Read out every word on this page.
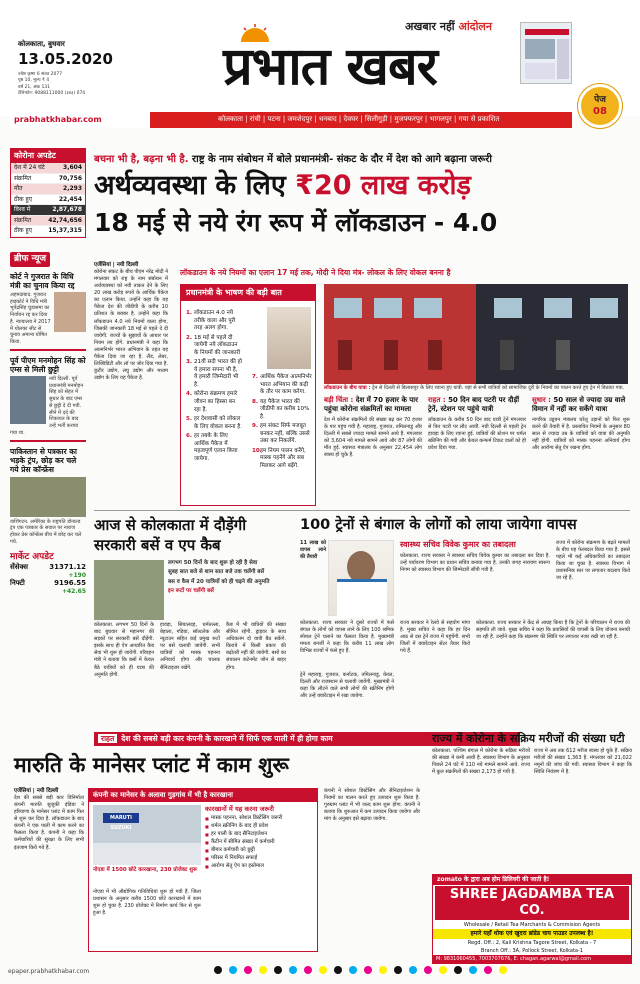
कोलकाता, बुधवार
13.05.2020
ज्येष्ठ कृष्ण 6 संवत 2077
पृष्ठ 10, मूल्य ₹ 4
वर्ष 21, अंक 131
टेलिफोन: 9088111000 (३४३) 074	प्रभात खबर
अखबार नहीं आंदोलन
कोलकाता | रांची | पटना | जमशेदपुर | धनबाद | देवघर | सिलीगुड़ी | मुजफ्फरपुर | भागलपुर | गया से प्रकाशित
prabhatkhabar.com
पेज
08
कोरोना अपडेट
देश में 24 घंटे	3,604
संक्रमित	70,756
मौत	2,293
ठीक हुए	22,454
विश्व में	2,87,678
संक्रमित	42,74,656
ठीक हुए	15,37,315
ब्रीफ न्यूज
कोर्ट ने गुजरात के विधि मंत्री का चुनाव किया रद्द
अहमदाबाद. गुजरात हाइकोर्ट ने विधि मंत्री भूपेंद्रसिंह चुडासमा का निर्वाचन रद्द कर दिया है. न्यायालय ने 2017 में धोलका सीट से चुनाव अमान्य घोषित किया.
पूर्व पीएम मनमोहन सिंह को एम्स से मिली छुट्टी
नयी दिल्ली. पूर्व प्रधानमंत्री मनमोहन सिंह को सेहत में सुधार के बाद एम्स से छुट्टी दे दी गयी. सीने में दर्द की शिकायत के बाद उन्हें भर्ती कराया गया था.
पाकिस्तान से पत्रकार का भड़के ट्रंप, छोड़ कर चले गये प्रेस कॉन्फ्रेंस
वाशिंगटन. अमेरिका के राष्ट्रपति डोनाल्ड ट्रंप एक पत्रकार के सवाल पर नाराज होकर प्रेस कॉन्फ्रेंस बीच में छोड़ कर चले गये.
मार्केट अपडेट
सेंसेक्स	31371.12
+190
निफ्टी	9196.55
+42.65
बचना भी है, बढ़ना भी है. राष्ट्र के नाम संबोधन में बोले प्रधानमंत्री- संकट के दौर में देश को आगे बढ़ाना जरूरी
अर्थव्यवस्था के लिए ₹20 लाख करोड़
18 मई से नये रंग रूप में लॉकडाउन - 4.0
एजेंसियां | नयी दिल्ली
कोरोना संकट के बीच पीएम नरेंद्र मोदी ने मंगलवार को राष्ट्र के नाम संबोधन में अर्थव्यवस्था को नयी ताकत देने के लिए 20 लाख करोड़ रुपये के आर्थिक पैकेज का एलान किया. उन्होंने कहा कि यह पैकेज देश की जीडीपी के करीब 10 प्रतिशत के बराबर है. उन्होंने कहा कि लॉकडाउन 4.0 नये नियमों वाला होगा, जिसकी जानकारी 18 मई से पहले दे दी जायेगी. राज्यों के सुझावों के आधार पर नियम तय होंगे. प्रधानमंत्री ने कहा कि आत्मनिर्भर भारत अभियान के तहत यह पैकेज दिया जा रहा है. लैंड, लेबर, लिक्विडिटी और लॉ पर जोर दिया गया है. कुटीर उद्योग, लघु उद्योग और मध्यम उद्योग के लिए यह पैकेज है.
लॉकडाउन के नये नियमों का एलान 17 मई तक, मोदी ने दिया मंत्र- लोकल के लिए वोकल बनना है
प्रधानमंत्री के भाषण की बड़ी बात
1. लॉकडाउन 4.0 नये तरीके वाला और पूरी तरह अलग होगा.
2. 18 मई से पहले दी जायेगी नये लॉकडाउन के नियमों की जानकारी
3. 21वीं सदी भारत की हो ये हमारा सपना भी है, ये हमारी जिम्मेदारी भी है.
4. कोरोना संक्रमण हमारे जीवन का हिस्सा बन रहा है.
5. हर देशवासी को लोकल के लिए वोकल बनना है.
6. हर तबके के लिए आर्थिक पैकेज में महत्वपूर्ण एलान किया जायेगा.
7. आर्थिक पैकेज आत्मनिर्भर भारत अभियान की कड़ी के तौर पर काम करेगा.
8. यह पैकेज भारत की जीडीपी का करीब 10% है.
9. हम संकट सिर्फ मजबूत बनकर नहीं, बल्कि उससे उबर कर निकलेंगे.
10.
हम नियम पालन करेंगे, मास्क पहनेंगे और सब मिलकर आगे बढ़ेंगे.
लॉकडाउन के बीच यात्रा : ट्रेन से दिल्ली से बिलासपुर के लिए रवाना हुए यात्री. यहां से सभी यात्रियों को सामाजिक दूरी के नियमों का पालन करते हुए ट्रेन में बिठाया गया.
बड़ी चिंता : देश में 70 हजार के पार पहुंचा कोरोना संक्रमितों का मामला
देश में कोरोना संक्रमितों की संख्या बढ़ कर 70 हजार के पार पहुंच गयी है. महाराष्ट्र, गुजरात, तमिलनाडु और दिल्ली में सबसे ज्यादा मामले सामने आये हैं. मंगलवार को 3,604 नये मामले सामने आये और 87 लोगों की मौत हुई. स्वास्थ्य मंत्रालय के अनुसार 22,454 लोग स्वस्थ हो चुके हैं.
राहत : 50 दिन बाद पटरी पर दौड़ीं ट्रेनें, स्टेशन पर पहुंचे यात्री
लॉकडाउन के करीब 50 दिन बाद यात्री ट्रेनें मंगलवार से फिर पटरी पर लौट आयीं. नयी दिल्ली से पहली ट्रेन हावड़ा के लिए रवाना हुई. यात्रियों की स्टेशन पर थर्मल स्क्रीनिंग की गयी और केवल कन्फर्म टिकट वालों को ही प्रवेश दिया गया.
सुधार : 50 साल से ज्यादा उम्र वाले विमान में नहीं कर सकेंगे यात्रा
नागरिक उड्डयन मंत्रालय घरेलू उड़ानों को फिर शुरू करने की तैयारी में है. प्रस्तावित नियमों के अनुसार 80 साल से ज्यादा उम्र के यात्रियों को यात्रा की अनुमति नहीं होगी. यात्रियों को मास्क पहनना अनिवार्य होगा और आरोग्य सेतु ऐप रखना होगा.
आज से कोलकाता में दौड़ेंगी सरकारी बसें व एप कैब
लगभग 50 दिनों के बाद शुरू हो रही है सेवा
सुबह सात बजे से शाम सात बजे तक चलेंगी बसें
बस व कैब में 20 यात्रियों को ही चढ़ने की अनुमति
इन रूटों पर चलेंगी बसें
कोलकाता. लगभग 50 दिनों के बाद बुधवार से महानगर की सड़कों पर सरकारी बसें दौड़ेंगी. इसके साथ ही ऐप आधारित कैब सेवा भी शुरू हो जायेगी. परिवहन मंत्री ने बताया कि बसों में केवल बैठे यात्रियों को ही यात्रा की अनुमति होगी.
हावड़ा, सियालदह, धर्मतल्ला, बेहाला, गड़िया, सॉल्टलेक और न्यूटाउन सहित कई प्रमुख रूटों पर बसें चलायी जायेंगी. सभी यात्रियों को मास्क पहनना अनिवार्य होगा और चालक सैनिटाइजर रखेंगे.
कैब में भी यात्रियों की संख्या सीमित रहेगी. ड्राइवर के साथ अधिकतम दो यात्री बैठ सकेंगे. किराये में किसी प्रकार की बढ़ोतरी नहीं की जायेगी. बसों का संचालन कंटेनमेंट जोन से बाहर होगा.
100 ट्रेनों से बंगाल के लोगों को लाया जायेगा वापस
11 लाख को वापस लाने की तैयारी
कोलकाता. राज्य सरकार ने दूसरे राज्यों में फंसे बंगाल के लोगों को वापस लाने के लिए 100 श्रमिक स्पेशल ट्रेनें चलाने का फैसला किया है. मुख्यमंत्री ममता बनर्जी ने कहा कि करीब 11 लाख लोग विभिन्न राज्यों में फंसे हुए हैं.
ट्रेनें महाराष्ट्र, गुजरात, कर्नाटक, तमिलनाडु, केरल, दिल्ली और राजस्थान से चलायी जायेंगी. मुख्यमंत्री ने कहा कि लौटने वाले सभी लोगों की स्क्रीनिंग होगी और उन्हें क्वारेंटाइन में रखा जायेगा.
राज्य सरकार ने रेलवे से सहयोग मांगा है. मुख्य सचिव ने कहा कि हर दिन आठ से दस ट्रेनें राज्य में पहुंचेंगी. सभी जिलों में क्वारेंटाइन सेंटर तैयार किये गये हैं.
स्वास्थ्य सचिव विवेक कुमार का तबादला
कोलकाता. राज्य सरकार ने स्वास्थ्य सचिव विवेक कुमार का तबादला कर दिया है. उन्हें पर्यावरण विभाग का प्रधान सचिव बनाया गया है. उनकी जगह नारायण स्वरूप निगम को स्वास्थ्य विभाग की जिम्मेदारी सौंपी गयी है.
राज्य में कोरोना संक्रमण के बढ़ते मामलों के बीच यह फेरबदल किया गया है. इससे पहले भी कई अधिकारियों का तबादला किया जा चुका है. स्वास्थ्य विभाग में प्रशासनिक स्तर पर लगातार बदलाव किये जा रहे हैं.
कोलकाता. राज्य सरकार ने केंद्र से आग्रह किया है कि ट्रेनों के परिचालन में राज्य की सहमति ली जाये. मुख्य सचिव ने कहा कि प्रवासियों की वापसी के लिए योजना बनायी जा रही है. उन्होंने कहा कि संक्रमण की स्थिति पर लगातार नजर रखी जा रही है.
राहत देश की सबसे बड़ी कार कंपनी के कारखाने में सिर्फ एक पाली में ही होगा काम
मारुति के मानेसर प्लांट में काम शुरू
एजेंसियां | नयी दिल्ली
देश की सबसे बड़ी कार विनिर्माता कंपनी मारुति सुजुकी इंडिया ने हरियाणा के मानेसर प्लांट में काम फिर से शुरू कर दिया है. लॉकडाउन के बाद कंपनी ने एक पाली में काम करने का फैसला किया है. कंपनी ने कहा कि कर्मचारियों की सुरक्षा के लिए सभी इंतजाम किये गये हैं.
कंपनी ने सोशल डिस्टेंसिंग और सैनिटाइजेशन के नियमों का पालन करते हुए उत्पादन शुरू किया है. गुरुग्राम प्लांट में भी जल्द काम शुरू होगा. कंपनी ने बताया कि शुरुआत में कम उत्पादन किया जायेगा और मांग के अनुसार इसे बढ़ाया जायेगा.
कंपनी का मानेसर के अलावा गुड़गांव में भी है कारखाना
MARUTI SUZUKI
नोएडा में 1500 छोटे कारखाना, 230 प्रोजेक्ट शुरू
नोएडा में भी औद्योगिक गतिविधियां शुरू हो गयी हैं. जिला प्रशासन के अनुसार करीब 1500 छोटे कारखानों में काम शुरू हो चुका है. 230 प्रोजेक्ट में निर्माण कार्य फिर से शुरू हुआ है.
कारखानों में यह करना जरूरी
■ मास्क पहनना, सोशल डिस्टेंसिंग जरूरी
■ थर्मल स्क्रीनिंग के बाद ही प्रवेश
■ हर पाली के बाद सैनिटाइजेशन
■ कैंटीन में सीमित संख्या में कर्मचारी
■ बीमार कर्मचारी को छुट्टी
■ परिसर में नियमित सफाई
■ आरोग्य सेतु ऐप का इस्तेमाल
राज्य में कोरोना के सक्रिय मरीजों की संख्या घटी
कोलकाता. पश्चिम बंगाल में कोरोना के सक्रिय मरीजों की संख्या में कमी आयी है. स्वास्थ्य विभाग के अनुसार पिछले 24 घंटे में 110 नये मामले सामने आये. राज्य में कुल संक्रमितों की संख्या 2,173 हो गयी है.
राज्य में अब तक 612 मरीज स्वस्थ हो चुके हैं. सक्रिय मरीजों की संख्या 1,363 है. मंगलवार को 21,022 नमूनों की जांच की गयी. स्वास्थ्य विभाग ने कहा कि स्थिति नियंत्रण में है.
zomato के द्वारा अब होम डिलिवरी की जाती है!
SHREE JAGDAMBA TEA CO.
Wholesale / Retail Tea Marchants & Commision Agents
हमारे यहाँ थोक एवं खुदरा ब्रांडेड चाय पाउडर उपलब्ध है!
Regd. Off.: 2, Kali Krishna Tagore Street, Kolkata - 7
Branch Off.: 3A, Pollock Street, Kolkata-1
M: 9831060455, 7003707676, E: chagan.agarwal@gmail.com
epaper.prabhatkhabar.com
